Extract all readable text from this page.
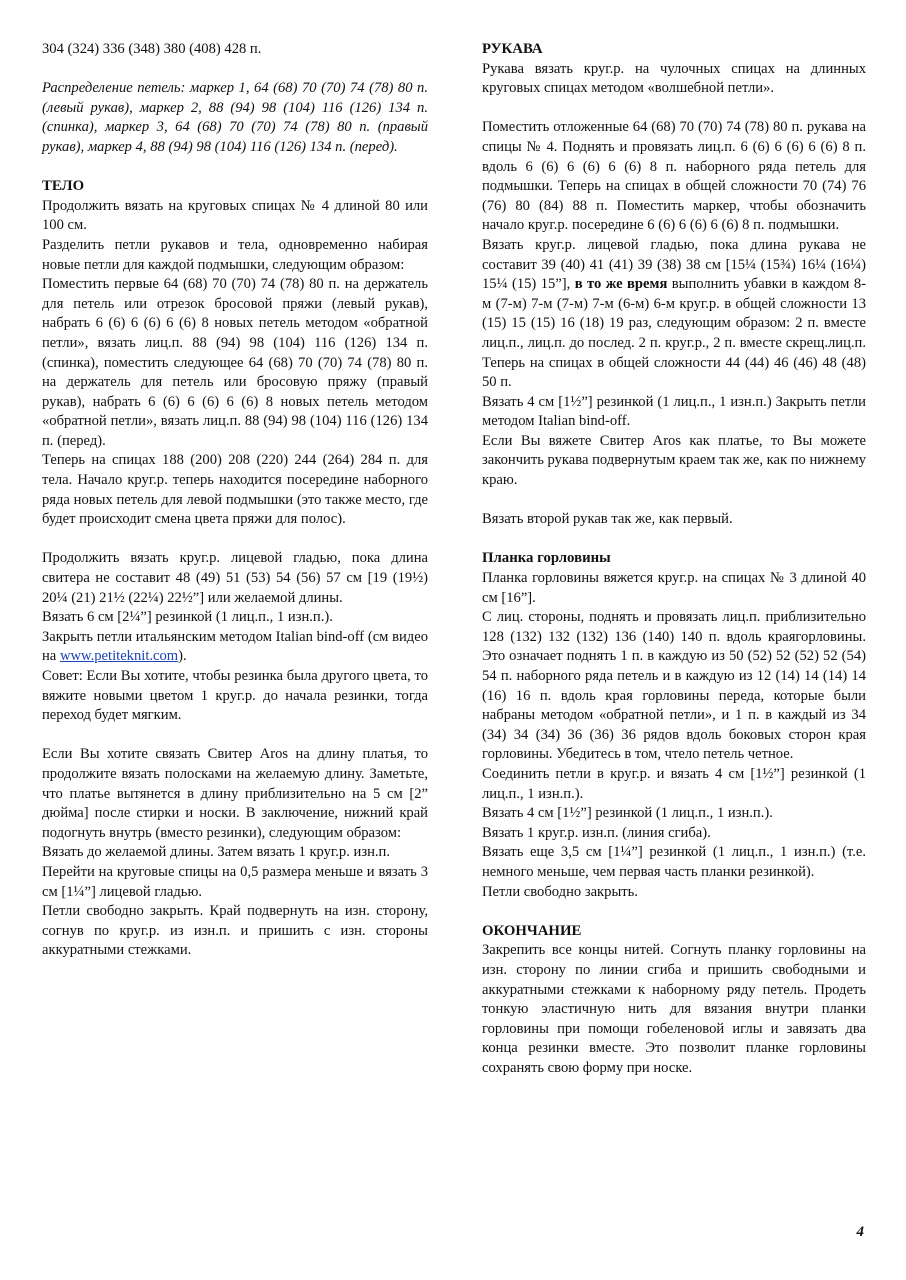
304 (324) 336 (348) 380 (408) 428 п.

Распределение петель: маркер 1, 64 (68) 70 (70) 74 (78) 80 п. (левый рукав), маркер 2, 88 (94) 98 (104) 116 (126) 134 п. (спинка), маркер 3, 64 (68) 70 (70) 74 (78) 80 п. (правый рукав), маркер 4, 88 (94) 98 (104) 116 (126) 134 п. (перед).

ТЕЛО

Продолжить вязать на круговых спицах № 4 длиной 80 или 100 см.

Разделить петли рукавов и тела, одновременно набирая новые петли для каждой подмышки, следующим образом:

Поместить первые 64 (68) 70 (70) 74 (78) 80 п. на держатель для петель или отрезок бросовой пряжи (левый рукав), набрать 6 (6) 6 (6) 6 (6) 8 новых петель методом «обратной петли», вязать лиц.п. 88 (94) 98 (104) 116 (126) 134 п. (спинка), поместить следующее 64 (68) 70 (70) 74 (78) 80 п. на держатель для петель или бросовую пряжу (правый рукав), набрать 6 (6) 6 (6) 6 (6) 8 новых петель методом «обратной петли», вязать лиц.п. 88 (94) 98 (104) 116 (126) 134 п. (перед).

Теперь на спицах 188 (200) 208 (220) 244 (264) 284 п. для тела. Начало круг.р. теперь находится посередине наборного ряда новых петель для левой подмышки (это также место, где будет происходит смена цвета пряжи для полос).

Продолжить вязать круг.р. лицевой гладью, пока длина свитера не составит 48 (49) 51 (53) 54 (56) 57 см [19 (19½) 20¼ (21) 21½ (22¼) 22½”] или желаемой длины.

Вязать 6 см [2¼”] резинкой (1 лиц.п., 1 изн.п.).

Закрыть петли итальянским методом Italian bind-off (см видео на www.petiteknit.com).

Совет: Если Вы хотите, чтобы резинка была другого цвета, то вяжите новыми цветом 1 круг.р. до начала резинки, тогда переход будет мягким.

Если Вы хотите связать Свитер Aros на длину платья, то продолжите вязать полосками на желаемую длину. Заметьте, что платье вытянется в длину приблизительно на 5 см [2” дюйма] после стирки и носки. В заключение, нижний край подогнуть внутрь (вместо резинки), следующим образом:

Вязать до желаемой длины. Затем вязать 1 круг.р. изн.п.

Перейти на круговые спицы на 0,5 размера меньше и вязать 3 см [1¼”] лицевой гладью.

Петли свободно закрыть. Край подвернуть на изн. сторону, согнув по круг.р. из изн.п. и пришить с изн. стороны аккуратными стежками.

РУКАВА

Рукава вязать круг.р. на чулочных спицах на длинных круговых спицах методом «волшебной петли».

Поместить отложенные 64 (68) 70 (70) 74 (78) 80 п. рукава на спицы № 4. Поднять и провязать лиц.п. 6 (6) 6 (6) 6 (6) 8 п. вдоль 6 (6) 6 (6) 6 (6) 8 п. наборного ряда петель для подмышки. Теперь на спицах в общей сложности 70 (74) 76 (76) 80 (84) 88 п. Поместить маркер, чтобы обозначить начало круг.р. посередине 6 (6) 6 (6) 6 (6) 8 п. подмышки.

Вязать круг.р. лицевой гладью, пока длина рукава не составит 39 (40) 41 (41) 39 (38) 38 см [15¼ (15¾) 16¼ (16¼) 15¼ (15) 15”], в то же время выполнить убавки в каждом 8-м (7-м) 7-м (7-м) 7-м (6-м) 6-м круг.р. в общей сложности 13 (15) 15 (15) 16 (18) 19 раз, следующим образом: 2 п. вместе лиц.п., лиц.п. до послед. 2 п. круг.р., 2 п. вместе скрещ.лиц.п. Теперь на спицах в общей сложности 44 (44) 46 (46) 48 (48) 50 п.

Вязать 4 см [1½”] резинкой (1 лиц.п., 1 изн.п.) Закрыть петли методом Italian bind-off.

Если Вы вяжете Свитер Aros как платье, то Вы можете закончить рукава подвернутым краем так же, как по нижнему краю.

Вязать второй рукав так же, как первый.

Планка горловины

Планка горловины вяжется круг.р. на спицах № 3 длиной 40 см [16”].

С лиц. стороны, поднять и провязать лиц.п. приблизительно 128 (132) 132 (132) 136 (140) 140 п. вдоль краягорловины. Это означает поднять 1 п. в каждую из 50 (52) 52 (52) 52 (54) 54 п. наборного ряда петель и в каждую из 12 (14) 14 (14) 14 (16) 16 п. вдоль края горловины переда, которые были набраны методом «обратной петли», и 1 п. в каждый из 34 (34) 34 (34) 36 (36) 36 рядов вдоль боковых сторон края горловины. Убедитесь в том, чтело петель четное.

Соединить петли в круг.р. и вязать 4 см [1½”] резинкой (1 лиц.п., 1 изн.п.).

Вязать 4 см [1½”] резинкой (1 лиц.п., 1 изн.п.).

Вязать 1 круг.р. изн.п. (линия сгиба).

Вязать еще 3,5 см [1¼”] резинкой (1 лиц.п., 1 изн.п.) (т.е. немного меньше, чем первая часть планки резинкой).

Петли свободно закрыть.

ОКОНЧАНИЕ

Закрепить все концы нитей. Согнуть планку горловины на изн. сторону по линии сгиба и пришить свободными и аккуратными стежками к наборному ряду петель. Продеть тонкую эластичную нить для вязания внутри планки горловины при помощи гобеленовой иглы и завязать два конца резинки вместе. Это позволит планке горловины сохранять свою форму при носке.

4
